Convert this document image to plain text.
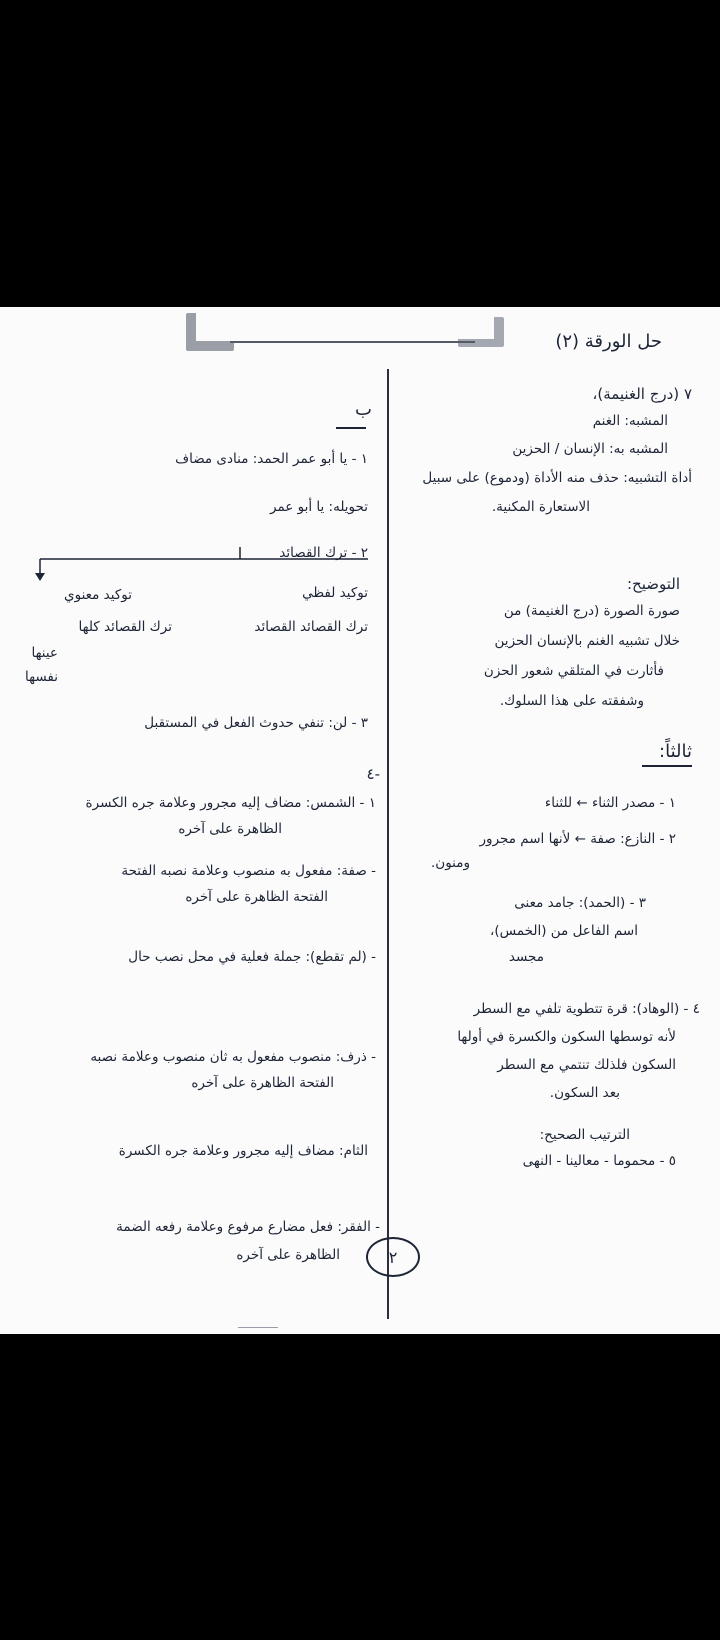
حل الورقة (٢)
٧ (درج الغنيمة)،
المشبه: الغنم
المشبه به: الإنسان / الحزين
أداة التشبيه: حذف منه الأداة (ودموع) على سبيل
الاستعارة المكنية.
التوضيح:
صورة الصورة (درج الغنيمة) من
خلال تشبيه الغنم بالإنسان الحزين
فأثارت في المتلقي شعور الحزن
وشفقته على هذا السلوك.
ثالثاً:
١ - مصدر الثناء ← للثناء
٢ - النازع: صفة ← لأنها اسم مجرور
ومنون.
٣ - (الحمد): جامد معنى
اسم الفاعل من (الخمس)،
مجسد
٤ - (الوهاد): قرة تتطوية تلفي مع السطر
لأنه توسطها السكون والكسرة في أولها
السكون فلذلك تنتمي مع السطر
بعد السكون.
الترتيب الصحيح:
٥ - محموما - معالينا - النهى
ب
١ - يا أبو عمر الحمد: منادى مضاف
تحويله: يا أبو عمر
٢ - ترك القصائد
توكيد لفظي
توكيد معنوي
ترك القصائد القصائد
ترك القصائد كلها
عينها
نفسها
٣ - لن: تنفي حدوث الفعل في المستقبل
-٤
١ - الشمس: مضاف إليه مجرور وعلامة جره الكسرة
الظاهرة على آخره
- صفة: مفعول به منصوب وعلامة نصبه الفتحة
الفتحة الظاهرة على آخره
- (لم تقطع): جملة فعلية في محل نصب حال
- ذرف: منصوب مفعول به ثان منصوب وعلامة نصبه
الفتحة الظاهرة على آخره
الثام: مضاف إليه مجرور وعلامة جره الكسرة
- الفقر: فعل مضارع مرفوع وعلامة رفعه الضمة
الظاهرة على آخره	٢
